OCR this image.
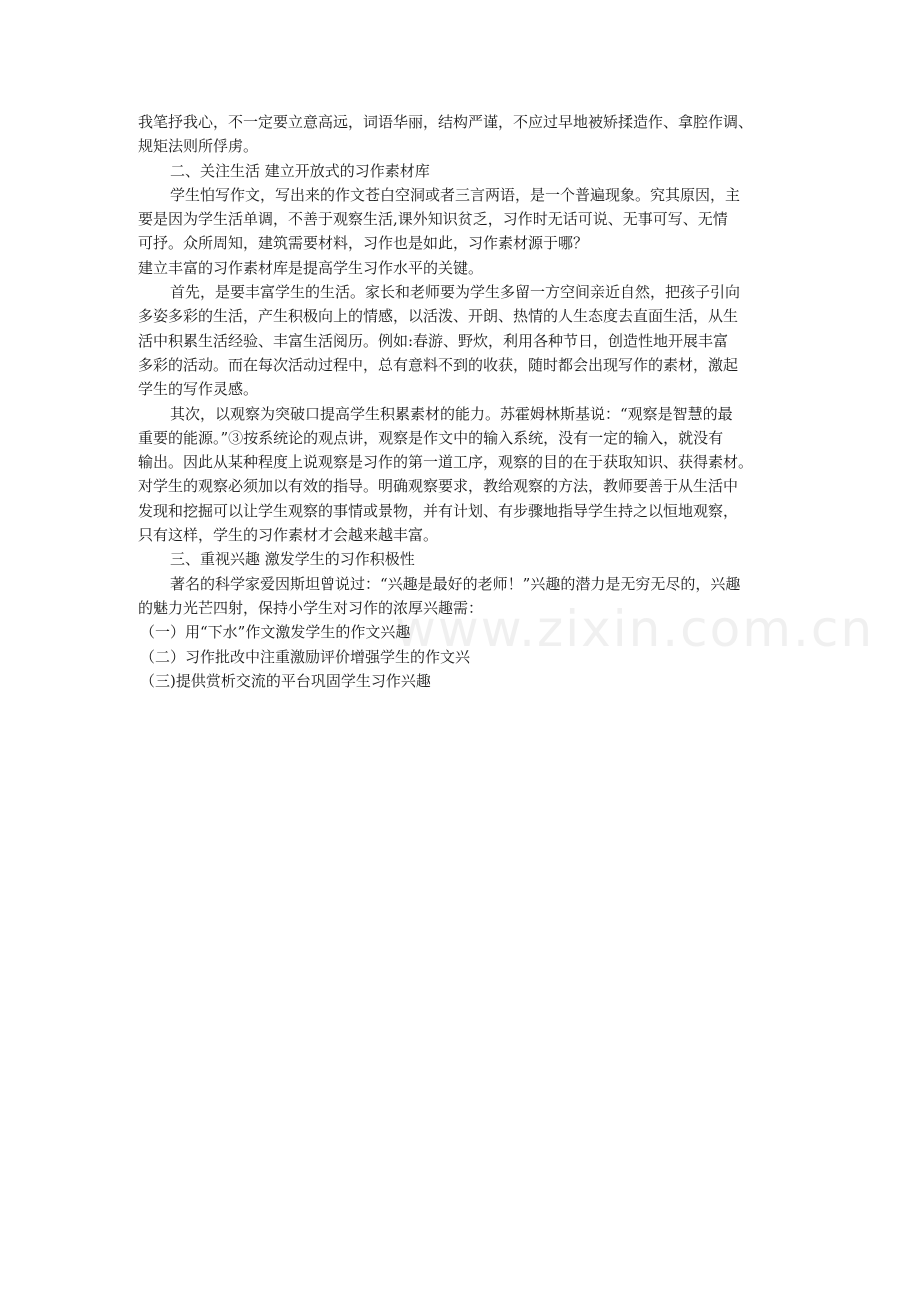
www.zixin.com.cn
我笔抒我心，不一定要立意高远，词语华丽，结构严谨，不应过早地被矫揉造作、拿腔作调、
规矩法则所俘虏。
二、关注生活 建立开放式的习作素材库
学生怕写作文，写出来的作文苍白空洞或者三言两语，是一个普遍现象。究其原因，主
要是因为学生活单调，不善于观察生活,课外知识贫乏，习作时无话可说、无事可写、无情
可抒。众所周知，建筑需要材料，习作也是如此，习作素材源于哪？
建立丰富的习作素材库是提高学生习作水平的关键。
首先，是要丰富学生的生活。家长和老师要为学生多留一方空间亲近自然，把孩子引向
多姿多彩的生活，产生积极向上的情感，以活泼、开朗、热情的人生态度去直面生活，从生
活中积累生活经验、丰富生活阅历。例如:春游、野炊，利用各种节日，创造性地开展丰富
多彩的活动。而在每次活动过程中，总有意料不到的收获，随时都会出现写作的素材，激起
学生的写作灵感。
其次，以观察为突破口提高学生积累素材的能力。苏霍姆林斯基说：“观察是智慧的最
重要的能源。”③按系统论的观点讲，观察是作文中的输入系统，没有一定的输入，就没有
输出。因此从某种程度上说观察是习作的第一道工序，观察的目的在于获取知识、获得素材。
对学生的观察必须加以有效的指导。明确观察要求，教给观察的方法，教师要善于从生活中
发现和挖掘可以让学生观察的事情或景物，并有计划、有步骤地指导学生持之以恒地观察，
只有这样，学生的习作素材才会越来越丰富。
三、重视兴趣 激发学生的习作积极性
著名的科学家爱因斯坦曾说过：“兴趣是最好的老师！”兴趣的潜力是无穷无尽的，兴趣
的魅力光芒四射，保持小学生对习作的浓厚兴趣需：
（一）用“下水”作文激发学生的作文兴趣
（二）习作批改中注重激励评价增强学生的作文兴
（三)提供赏析交流的平台巩固学生习作兴趣
